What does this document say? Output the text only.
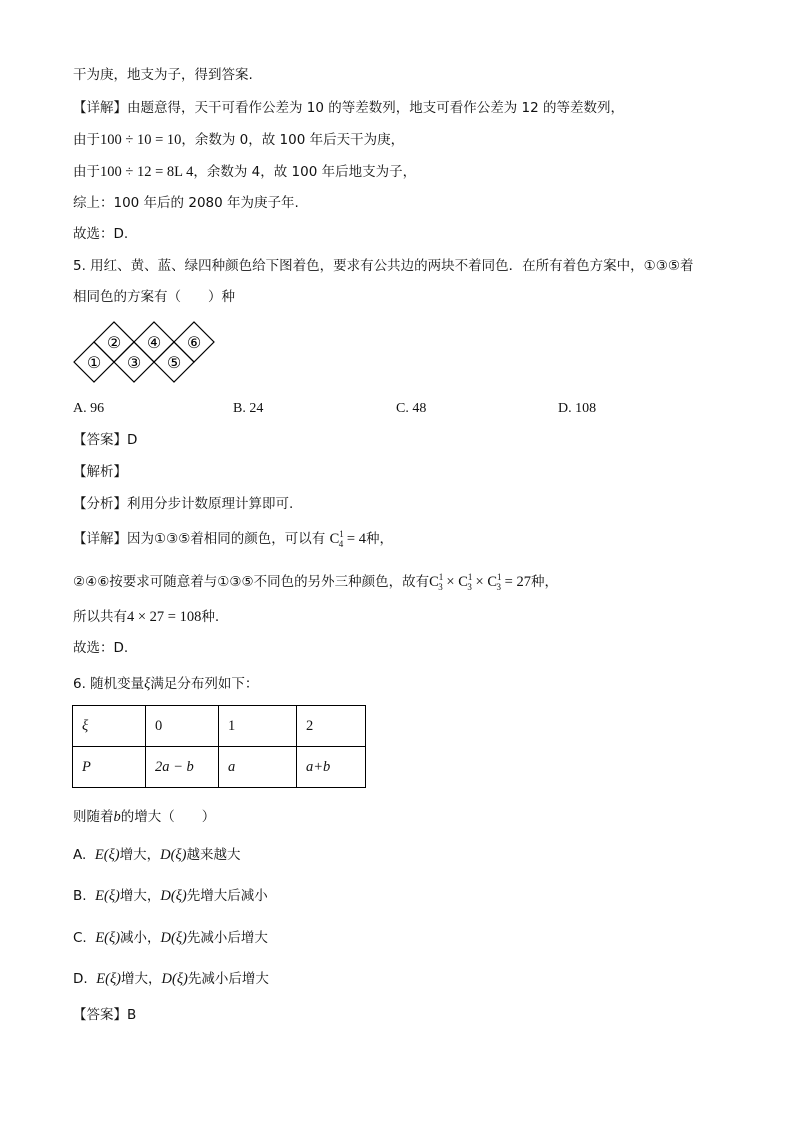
干为庚，地支为子，得到答案.
【详解】由题意得，天干可看作公差为 10 的等差数列，地支可看作公差为 12 的等差数列，
由于100 ÷ 10 = 10，余数为 0，故 100 年后天干为庚，
由于100 ÷ 12 = 8L 4，余数为 4，故 100 年后地支为子，
综上：100 年后的 2080 年为庚子年.
故选：D.
5. 用红、黄、蓝、绿四种颜色给下图着色，要求有公共边的两块不着同色．在所有着色方案中，①③⑤着
相同色的方案有（　　）种
①
②
③
④
⑤
⑥
A. 96	B. 24	C. 48	D. 108
【答案】D
【解析】
【分析】利用分步计数原理计算即可.
【详解】因为①③⑤着相同的颜色，可以有 $C^1_4 = 4$种，
②④⑥按要求可随意着与①③⑤不同色的另外三种颜色，故有$C^1_3 \times C^1_3 \times C^1_3 = 27$种，
所以共有4 × 27 = 108种.
故选：D.
6. 随机变量ξ满足分布列如下：
ξ	0	1	2
P	2a − b	a	a+b
则随着b的增大（　　）
A. E(ξ)增大，D(ξ)越来越大
B. E(ξ)增大，D(ξ)先增大后减小
C. E(ξ)减小，D(ξ)先减小后增大
D. E(ξ)增大，D(ξ)先减小后增大
【答案】B
